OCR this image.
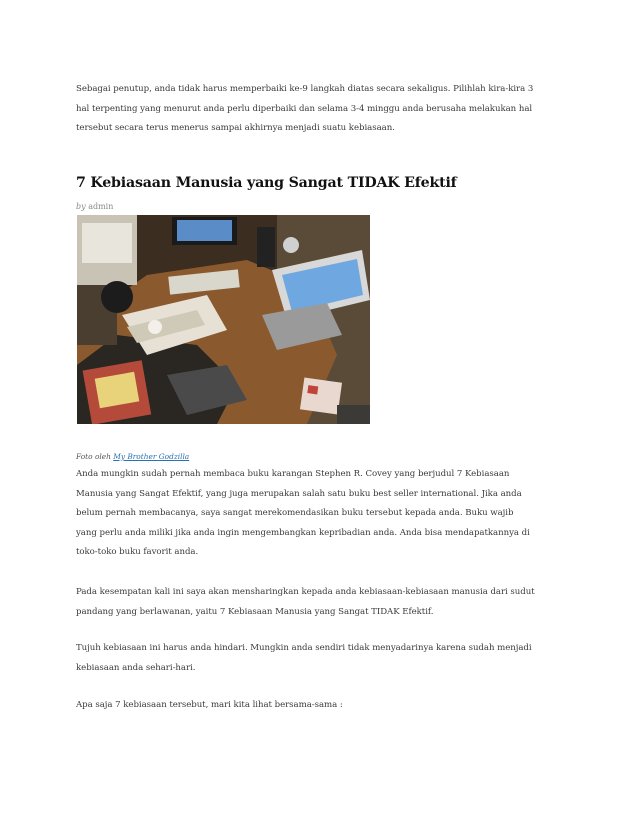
Sebagai penutup, anda tidak harus memperbaiki ke-9 langkah diatas secara sekaligus. Pilihlah kira-kira 3
hal terpenting yang menurut anda perlu diperbaiki dan selama 3-4 minggu anda berusaha melakukan hal
tersebut secara terus menerus sampai akhirnya menjadi suatu kebiasaan.
7 Kebiasaan Manusia yang Sangat TIDAK Efektif

by admin

Foto oleh My Brother Godzilla

Anda mungkin sudah pernah membaca buku karangan Stephen R. Covey yang berjudul 7 Kebiasaan
Manusia yang Sangat Efektif, yang juga merupakan salah satu buku best seller international. Jika anda
belum pernah membacanya, saya sangat merekomendasikan buku tersebut kepada anda. Buku wajib
yang perlu anda miliki jika anda ingin mengembangkan kepribadian anda. Anda bisa mendapatkannya di
toko-toko buku favorit anda.
Pada kesempatan kali ini saya akan mensharingkan kepada anda kebiasaan-kebiasaan manusia dari sudut
pandang yang berlawanan, yaitu 7 Kebiasaan Manusia yang Sangat TIDAK Efektif.
Tujuh kebiasaan ini harus anda hindari. Mungkin anda sendiri tidak menyadarinya karena sudah menjadi
kebiasaan anda sehari-hari.
Apa saja 7 kebiasaan tersebut, mari kita lihat bersama-sama :
